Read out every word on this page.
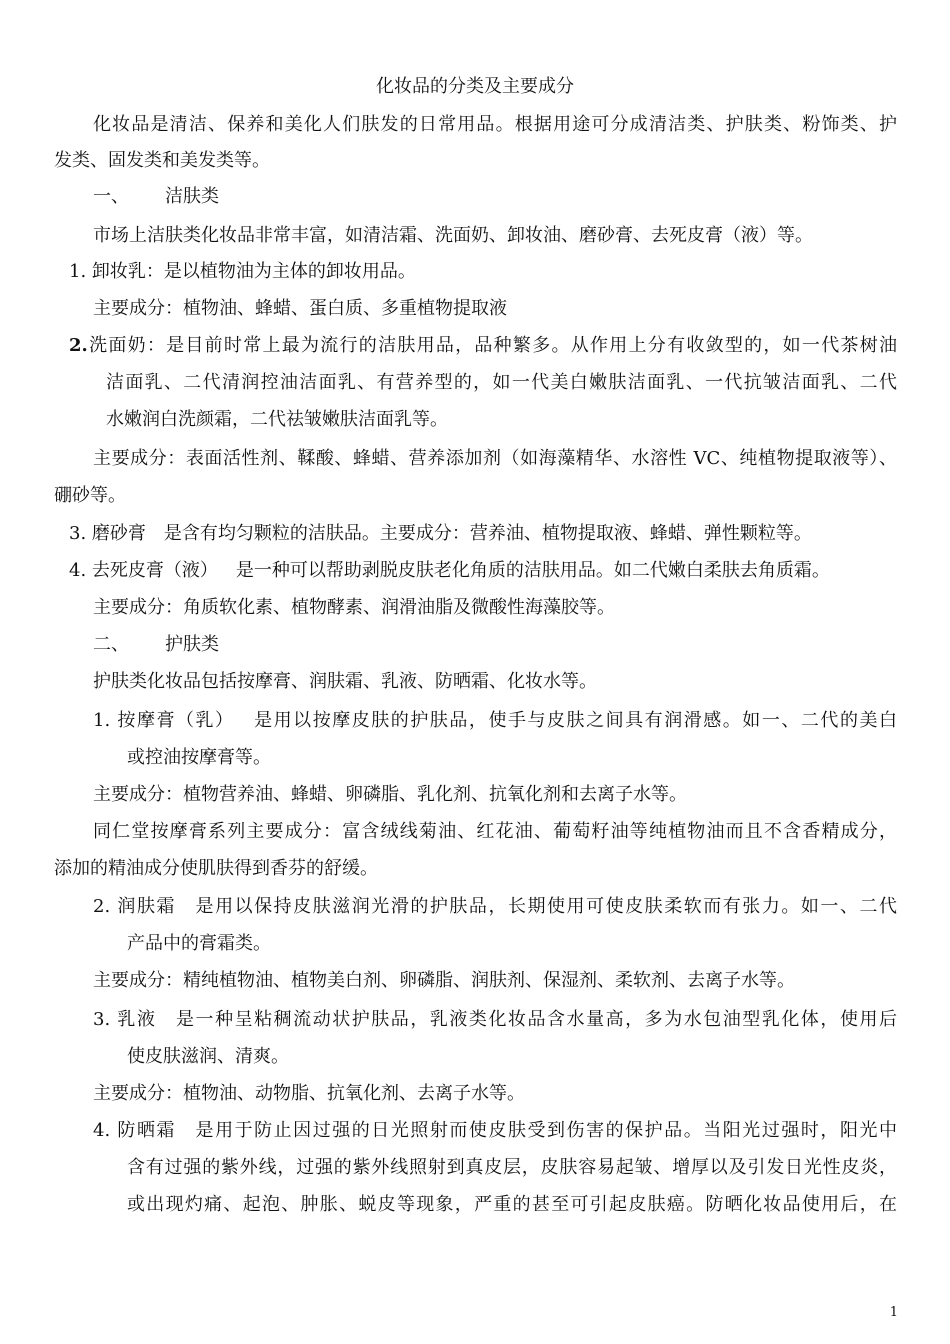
化妆品的分类及主要成分
化妆品是清洁、保养和美化人们肤发的日常用品。根据用途可分成清洁类、护肤类、粉饰类、护
发类、固发类和美发类等。
一、 洁肤类
市场上洁肤类化妆品非常丰富，如清洁霜、洗面奶、卸妆油、磨砂膏、去死皮膏（液）等。
1. 卸妆乳：是以植物油为主体的卸妆用品。
主要成分：植物油、蜂蜡、蛋白质、多重植物提取液
2.洗面奶：是目前时常上最为流行的洁肤用品，品种繁多。从作用上分有收敛型的，如一代茶树油
洁面乳、二代清润控油洁面乳、有营养型的，如一代美白嫩肤洁面乳、一代抗皱洁面乳、二代
水嫩润白洗颜霜，二代祛皱嫩肤洁面乳等。
主要成分：表面活性剂、鞣酸、蜂蜡、营养添加剂（如海藻精华、水溶性 VC、纯植物提取液等）、
硼砂等。
3. 磨砂膏 是含有均匀颗粒的洁肤品。主要成分：营养油、植物提取液、蜂蜡、弹性颗粒等。
4. 去死皮膏（液） 是一种可以帮助剥脱皮肤老化角质的洁肤用品。如二代嫩白柔肤去角质霜。
主要成分：角质软化素、植物酵素、润滑油脂及微酸性海藻胶等。
二、 护肤类
护肤类化妆品包括按摩膏、润肤霜、乳液、防晒霜、化妆水等。
1. 按摩膏（乳） 是用以按摩皮肤的护肤品，使手与皮肤之间具有润滑感。如一、二代的美白
或控油按摩膏等。
主要成分：植物营养油、蜂蜡、卵磷脂、乳化剂、抗氧化剂和去离子水等。
同仁堂按摩膏系列主要成分：富含绒线菊油、红花油、葡萄籽油等纯植物油而且不含香精成分，
添加的精油成分使肌肤得到香芬的舒缓。
2. 润肤霜 是用以保持皮肤滋润光滑的护肤品，长期使用可使皮肤柔软而有张力。如一、二代
产品中的膏霜类。
主要成分：精纯植物油、植物美白剂、卵磷脂、润肤剂、保湿剂、柔软剂、去离子水等。
3. 乳液 是一种呈粘稠流动状护肤品，乳液类化妆品含水量高，多为水包油型乳化体，使用后
使皮肤滋润、清爽。
主要成分：植物油、动物脂、抗氧化剂、去离子水等。
4. 防晒霜 是用于防止因过强的日光照射而使皮肤受到伤害的保护品。当阳光过强时，阳光中
含有过强的紫外线，过强的紫外线照射到真皮层，皮肤容易起皱、增厚以及引发日光性皮炎，
或出现灼痛、起泡、肿胀、蜕皮等现象，严重的甚至可引起皮肤癌。防晒化妆品使用后，在
1
